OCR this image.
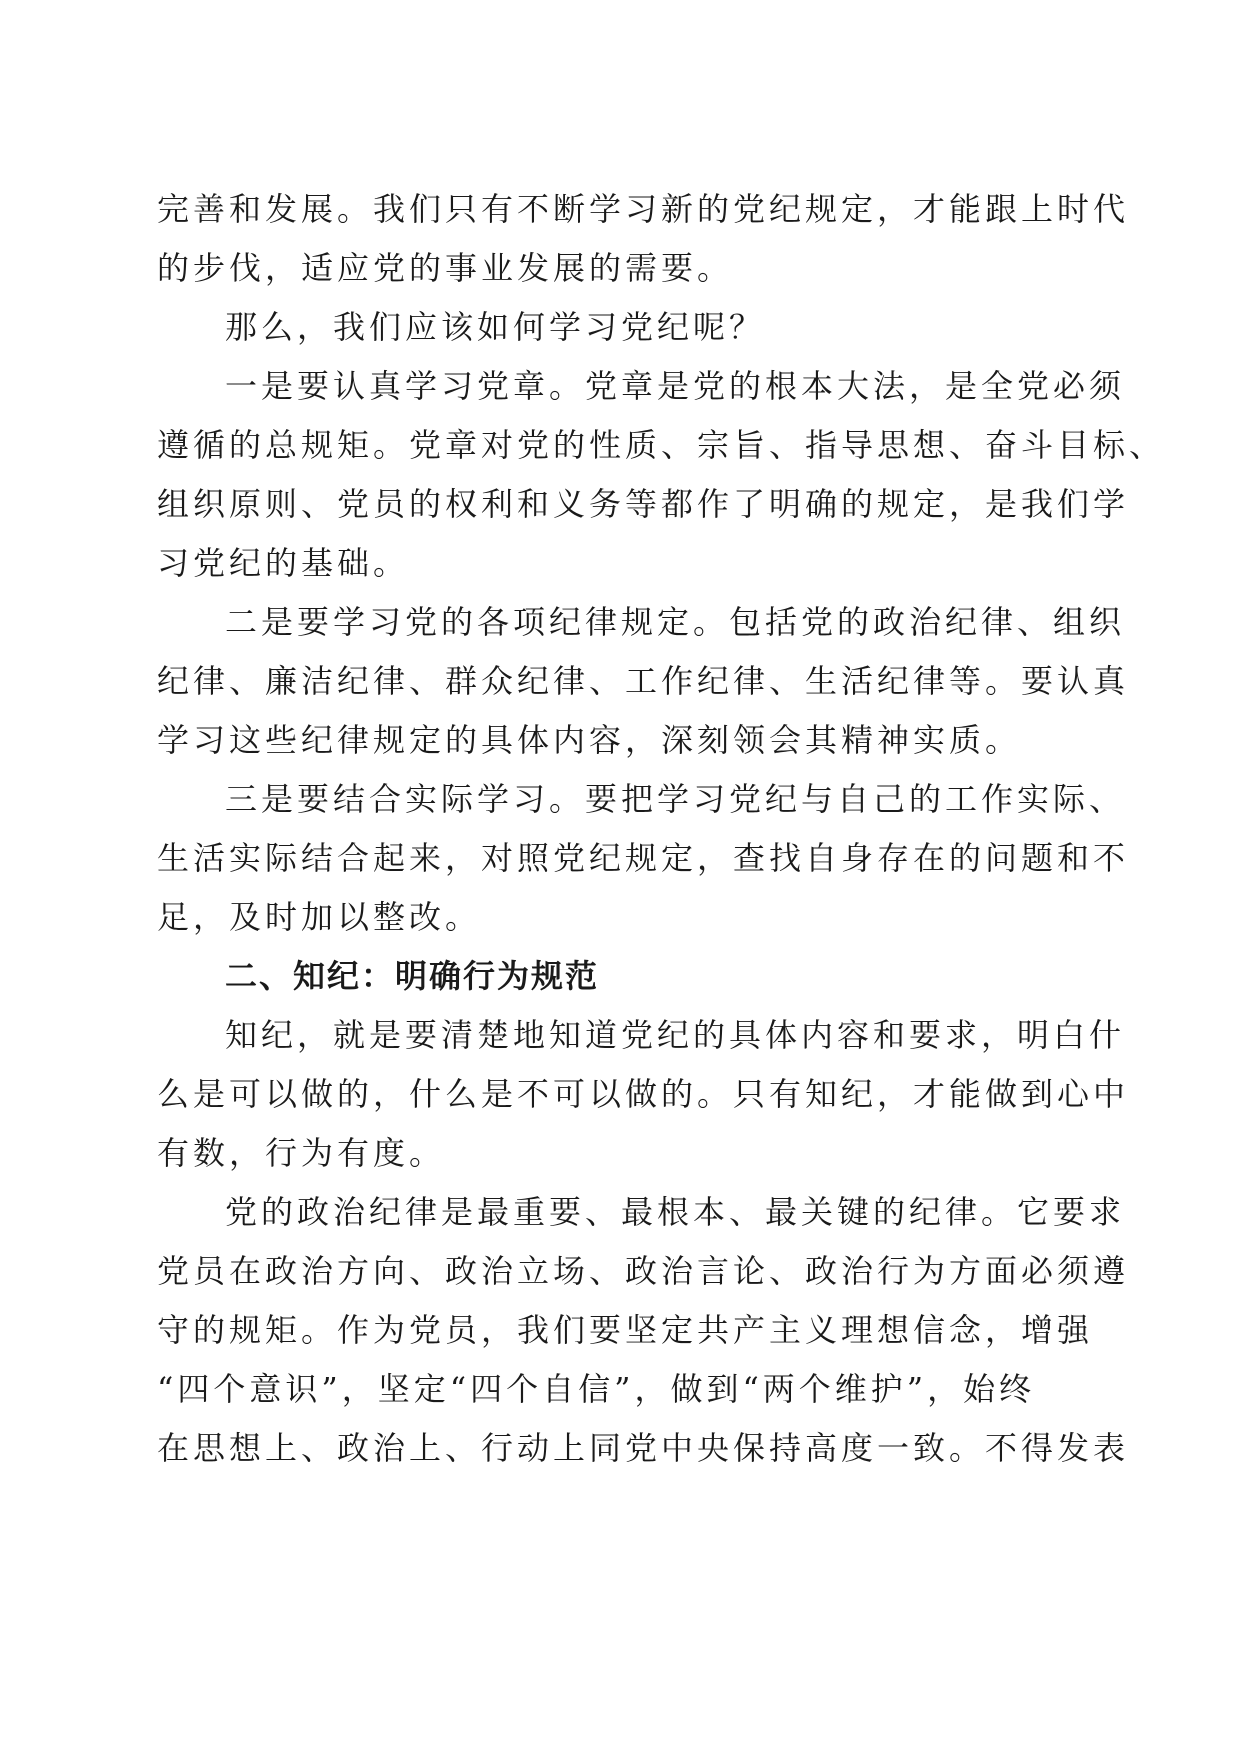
完善和发展。我们只有不断学习新的党纪规定，才能跟上时代
的步伐，适应党的事业发展的需要。
那么，我们应该如何学习党纪呢？
一是要认真学习党章。党章是党的根本大法，是全党必须
遵循的总规矩。党章对党的性质、宗旨、指导思想、奋斗目标、
组织原则、党员的权利和义务等都作了明确的规定，是我们学
习党纪的基础。
二是要学习党的各项纪律规定。包括党的政治纪律、组织
纪律、廉洁纪律、群众纪律、工作纪律、生活纪律等。要认真
学习这些纪律规定的具体内容，深刻领会其精神实质。
三是要结合实际学习。要把学习党纪与自己的工作实际、
生活实际结合起来，对照党纪规定，查找自身存在的问题和不
足，及时加以整改。
二、知纪：明确行为规范
知纪，就是要清楚地知道党纪的具体内容和要求，明白什
么是可以做的，什么是不可以做的。只有知纪，才能做到心中
有数，行为有度。
党的政治纪律是最重要、最根本、最关键的纪律。它要求
党员在政治方向、政治立场、政治言论、政治行为方面必须遵
守的规矩。作为党员，我们要坚定共产主义理想信念，增强
“四个意识”，坚定“四个自信”，做到“两个维护”，始终
在思想上、政治上、行动上同党中央保持高度一致。不得发表
